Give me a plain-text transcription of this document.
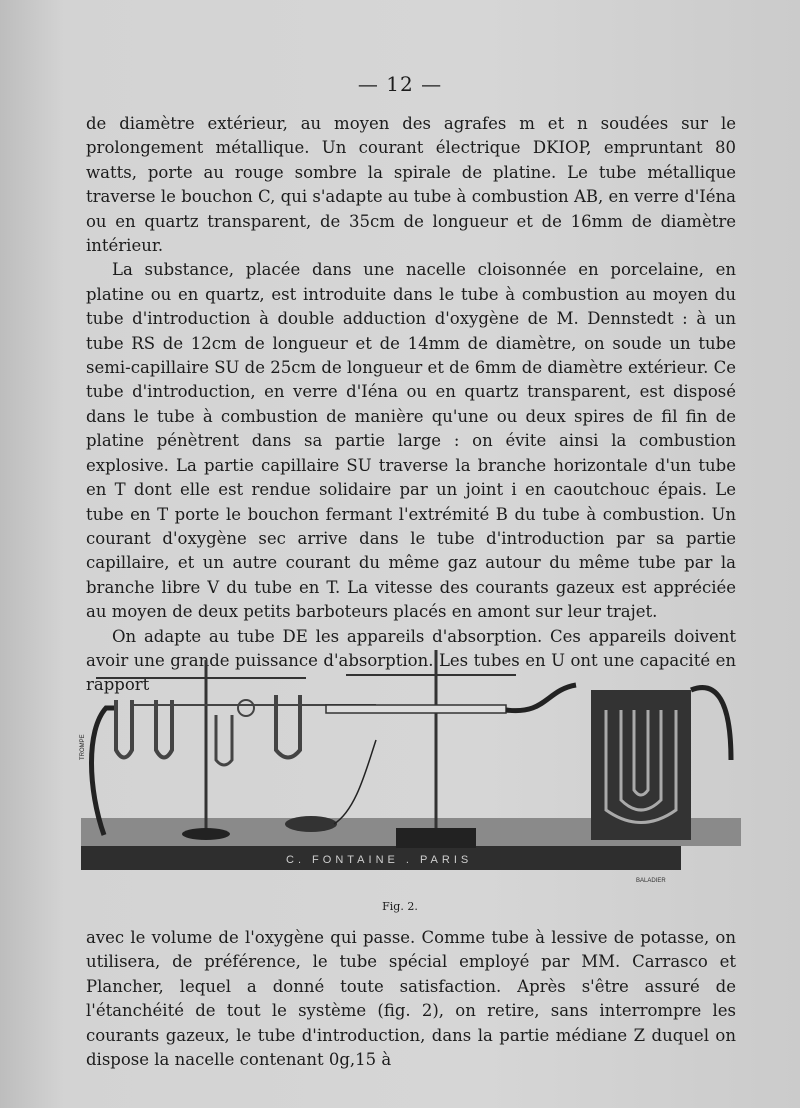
— 12 —

de diamètre extérieur, au moyen des agrafes m et n soudées sur le prolongement métallique. Un courant électrique DKIOP, empruntant 80 watts, porte au rouge sombre la spirale de platine. Le tube métallique traverse le bouchon C, qui s'adapte au tube à combustion AB, en verre d'Iéna ou en quartz transparent, de 35cm de longueur et de 16mm de diamètre intérieur.

La substance, placée dans une nacelle cloisonnée en porcelaine, en platine ou en quartz, est introduite dans le tube à combustion au moyen du tube d'introduction à double adduction d'oxygène de M. Dennstedt : à un tube RS de 12cm de longueur et de 14mm de diamètre, on soude un tube semi-capillaire SU de 25cm de longueur et de 6mm de diamètre extérieur. Ce tube d'introduction, en verre d'Iéna ou en quartz transparent, est disposé dans le tube à combustion de manière qu'une ou deux spires de fil fin de platine pénètrent dans sa partie large : on évite ainsi la combustion explosive. La partie capillaire SU traverse la branche horizontale d'un tube en T dont elle est rendue solidaire par un joint i en caoutchouc épais. Le tube en T porte le bouchon fermant l'extrémité B du tube à combustion. Un courant d'oxygène sec arrive dans le tube d'introduction par sa partie capillaire, et un autre courant du même gaz autour du même tube par la branche libre V du tube en T. La vitesse des courants gazeux est appréciée au moyen de deux petits barboteurs placés en amont sur leur trajet.

On adapte au tube DE les appareils d'absorption. Ces appareils doivent avoir une grande puissance d'absorption. Les tubes en U ont une capacité en rapport

C. FONTAINE . PARIS
BALADIER
TROMPE
Fig. 2.

avec le volume de l'oxygène qui passe. Comme tube à lessive de potasse, on utilisera, de préférence, le tube spécial employé par MM. Carrasco et Plancher, lequel a donné toute satisfaction. Après s'être assuré de l'étanchéité de tout le système (fig. 2), on retire, sans interrompre les courants gazeux, le tube d'introduction, dans la partie médiane Z duquel on dispose la nacelle contenant 0g,15 à
